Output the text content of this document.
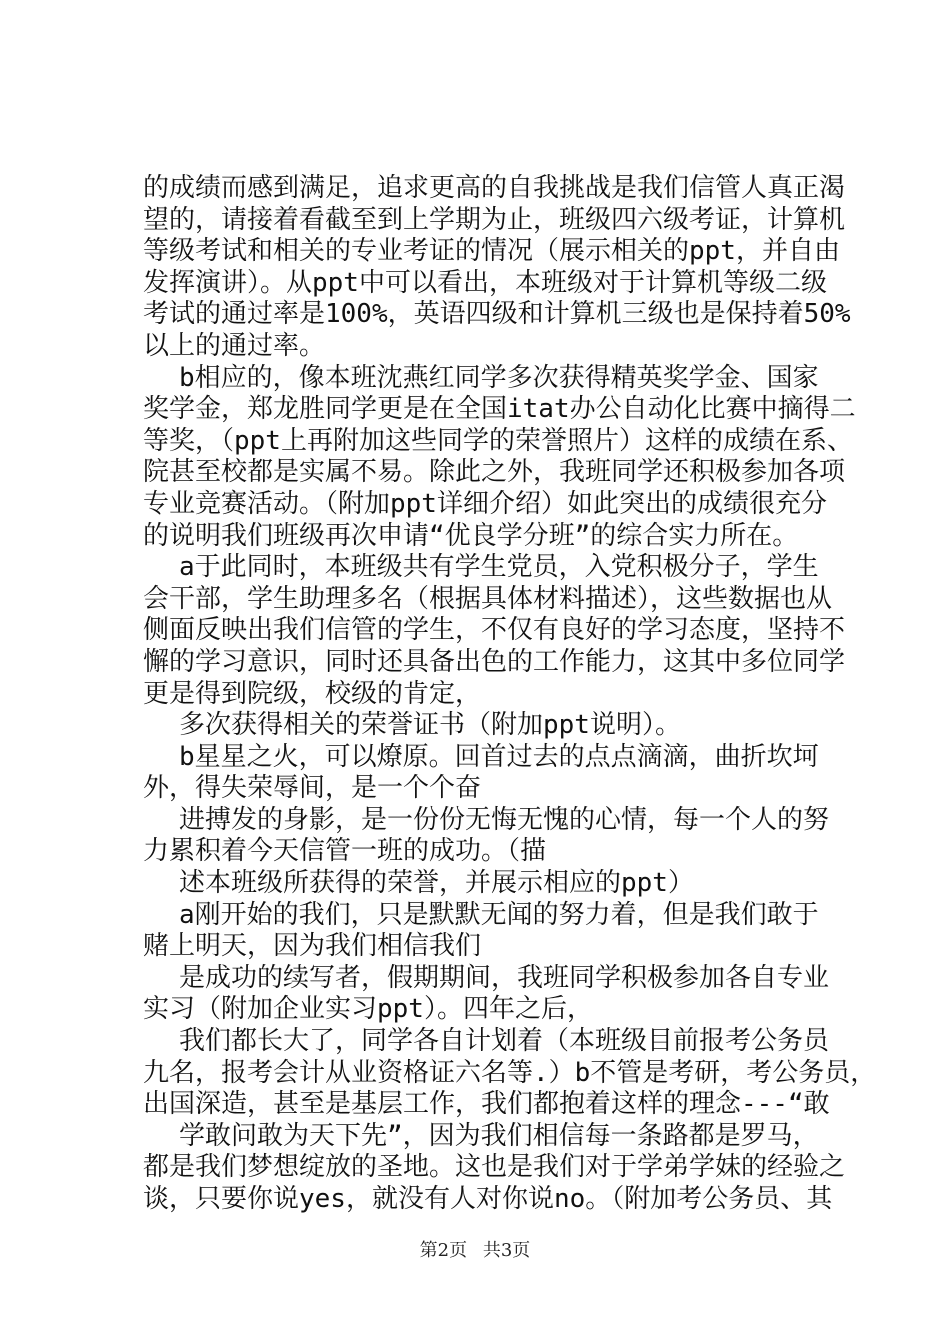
的成绩而感到满足，追求更高的自我挑战是我们信管人真正渴
望的，请接着看截至到上学期为止，班级四六级考证，计算机
等级考试和相关的专业考证的情况（展示相关的ppt，并自由
发挥演讲）。从ppt中可以看出，本班级对于计算机等级二级
考试的通过率是100%，英语四级和计算机三级也是保持着50%
以上的通过率。
b相应的，像本班沈燕红同学多次获得精英奖学金、国家
奖学金，郑龙胜同学更是在全国itat办公自动化比赛中摘得二
等奖，（ppt上再附加这些同学的荣誉照片）这样的成绩在系、
院甚至校都是实属不易。除此之外，我班同学还积极参加各项
专业竞赛活动。（附加ppt详细介绍）如此突出的成绩很充分
的说明我们班级再次申请“优良学分班”的综合实力所在。
a于此同时，本班级共有学生党员，入党积极分子，学生
会干部，学生助理多名（根据具体材料描述），这些数据也从
侧面反映出我们信管的学生，不仅有良好的学习态度，坚持不
懈的学习意识，同时还具备出色的工作能力，这其中多位同学
更是得到院级，校级的肯定，
多次获得相关的荣誉证书（附加ppt说明）。
b星星之火，可以燎原。回首过去的点点滴滴，曲折坎坷
外，得失荣辱间，是一个个奋
进搏发的身影，是一份份无悔无愧的心情，每一个人的努
力累积着今天信管一班的成功。（描
述本班级所获得的荣誉，并展示相应的ppt）
a刚开始的我们，只是默默无闻的努力着，但是我们敢于
赌上明天，因为我们相信我们
是成功的续写者，假期期间，我班同学积极参加各自专业
实习（附加企业实习ppt）。四年之后，
我们都长大了，同学各自计划着（本班级目前报考公务员
九名，报考会计从业资格证六名等.）b不管是考研，考公务员，
出国深造，甚至是基层工作，我们都抱着这样的理念---“敢
学敢问敢为天下先”，因为我们相信每一条路都是罗马，
都是我们梦想绽放的圣地。这也是我们对于学弟学妹的经验之
谈，只要你说yes，就没有人对你说no。（附加考公务员、其
第2页 共3页
